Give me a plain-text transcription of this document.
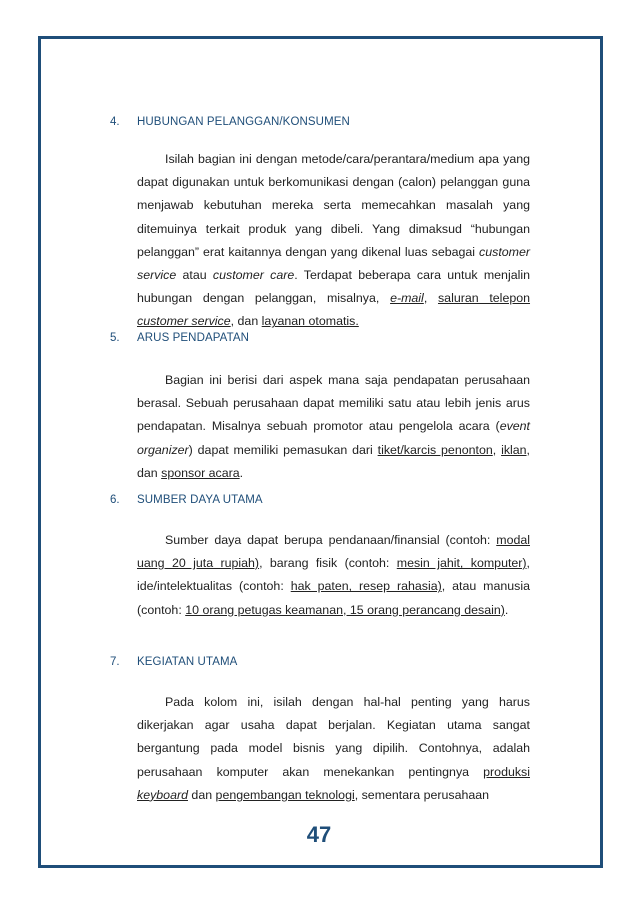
4.	HUBUNGAN PELANGGAN/KONSUMEN
Isilah bagian ini dengan metode/cara/perantara/medium apa yang dapat digunakan untuk berkomunikasi dengan (calon) pelanggan guna menjawab kebutuhan mereka serta memecahkan masalah yang ditemuinya terkait produk yang dibeli. Yang dimaksud “hubungan pelanggan” erat kaitannya dengan yang dikenal luas sebagai customer service atau customer care. Terdapat beberapa cara untuk menjalin hubungan dengan pelanggan, misalnya, e-mail, saluran telepon customer service, dan layanan otomatis.
5.	ARUS PENDAPATAN
Bagian ini berisi dari aspek mana saja pendapatan perusahaan berasal. Sebuah perusahaan dapat memiliki satu atau lebih jenis arus pendapatan. Misalnya sebuah promotor atau pengelola acara (event organizer) dapat memiliki pemasukan dari tiket/karcis penonton, iklan, dan sponsor acara.
6.	SUMBER DAYA UTAMA
Sumber daya dapat berupa pendanaan/finansial (contoh: modal uang 20 juta rupiah), barang fisik (contoh: mesin jahit, komputer), ide/intelektualitas (contoh: hak paten, resep rahasia), atau manusia (contoh: 10 orang petugas keamanan, 15 orang perancang desain).
7.	KEGIATAN UTAMA
Pada kolom ini, isilah dengan hal-hal penting yang harus dikerjakan agar usaha dapat berjalan. Kegiatan utama sangat bergantung pada model bisnis yang dipilih. Contohnya, adalah perusahaan komputer akan menekankan pentingnya produksi keyboard dan pengembangan teknologi, sementara perusahaan
47
